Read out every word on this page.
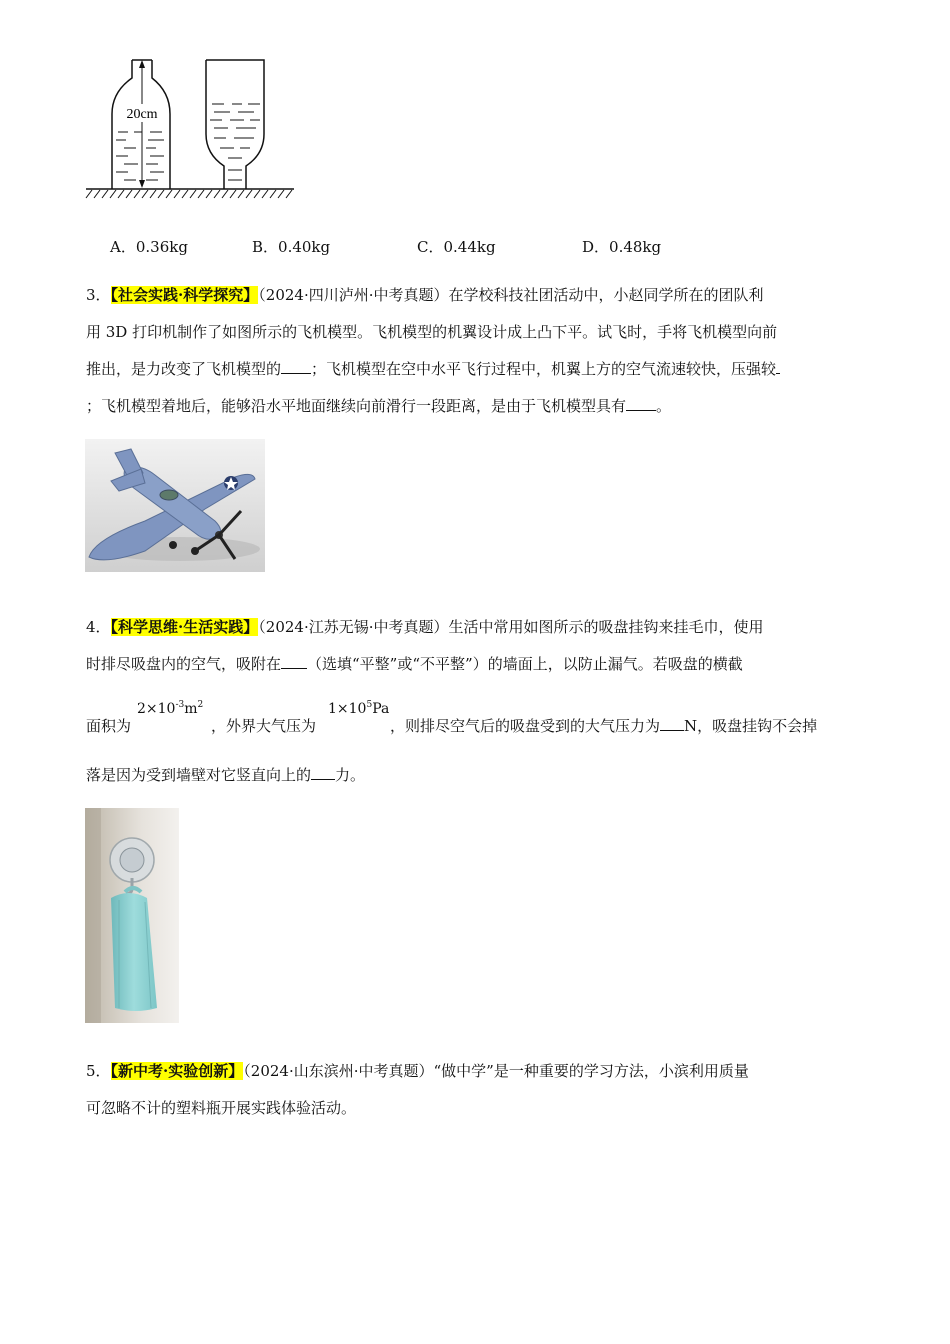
20cm
A．0.36kg	B．0.40kg	C．0.44kg	D．0.48kg
3．【社会实践·科学探究】（2024·四川泸州·中考真题）在学校科技社团活动中，小赵同学所在的团队利
用 3D 打印机制作了如图所示的飞机模型。飞机模型的机翼设计成上凸下平。试飞时，手将飞机模型向前
推出，是力改变了飞机模型的 ；飞机模型在空中水平飞行过程中，机翼上方的空气流速较快，压强较
；飞机模型着地后，能够沿水平地面继续向前滑行一段距离，是由于飞机模型具有 。
4．【科学思维·生活实践】（2024·江苏无锡·中考真题）生活中常用如图所示的吸盘挂钩来挂毛巾，使用
时排尽吸盘内的空气，吸附在 （选填“平整”或“不平整”）的墙面上，以防止漏气。若吸盘的横截
面积为
$2\times 10^{-3}m^2$
，外界大气压为
$1\times 10^5Pa$
，则排尽空气后的吸盘受到的大气压力为 N，吸盘挂钩不会掉
落是因为受到墙壁对它竖直向上的 力。
5．【新中考·实验创新】（2024·山东滨州·中考真题）“做中学”是一种重要的学习方法，小滨利用质量
可忽略不计的塑料瓶开展实践体验活动。
